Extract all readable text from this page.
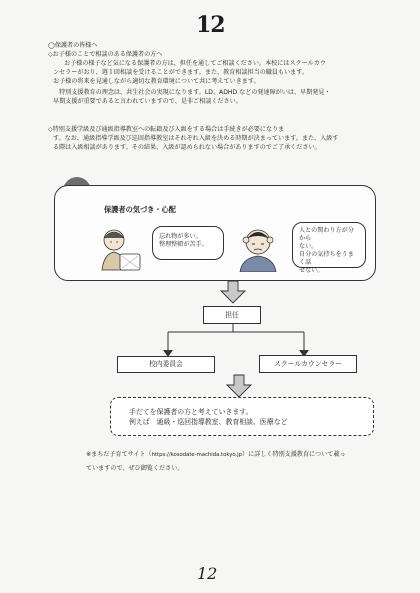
12
◯保護者の皆様へ
◇お子様のことで相談のある保護者の方へ
お子様の様子など気になる保護者の方は、担任を通してご相談ください。本校にはスクールカウ
ンセラーがおり、週１回相談を受けることができます。また、教育相談担当の職員もいます。
お子様の将来を見通しながら適切な教育環境について共に考えていきます。
　特別支援教育の理念は、共生社会の実現になります。LD、ADHD などの発達障がいは、早期発見・
早期支援が重要であると言われていますので、是非ご相談ください。
◇特別支援学級及び通級指導教室への転籍及び入級をする場合は手続きが必要になりま
す。なお、通級指導学級及び巡回指導教室はそれぞれ入級を決める時期が決まっています。また、入級す
る際は入級相談があります。その結果、入級が認められない場合がありますのでご了承ください。
保護者の気づき・心配
忘れ物が多い。
整理整頓が苦手。
人との関わり方が分から
ない。
自分の気持ちをうまく話
せない。
担任
校内委員会	スクールカウンセラー
手だてを保護者の方と考えていきます。
例えば　通級・巡回指導教室、教育相談、医療など
※まちだ子育てサイト（https://kosodate-machida.tokyo.jp）に詳しく特別支援教育について載っ
ていますので、ぜひ御覧ください。
12
